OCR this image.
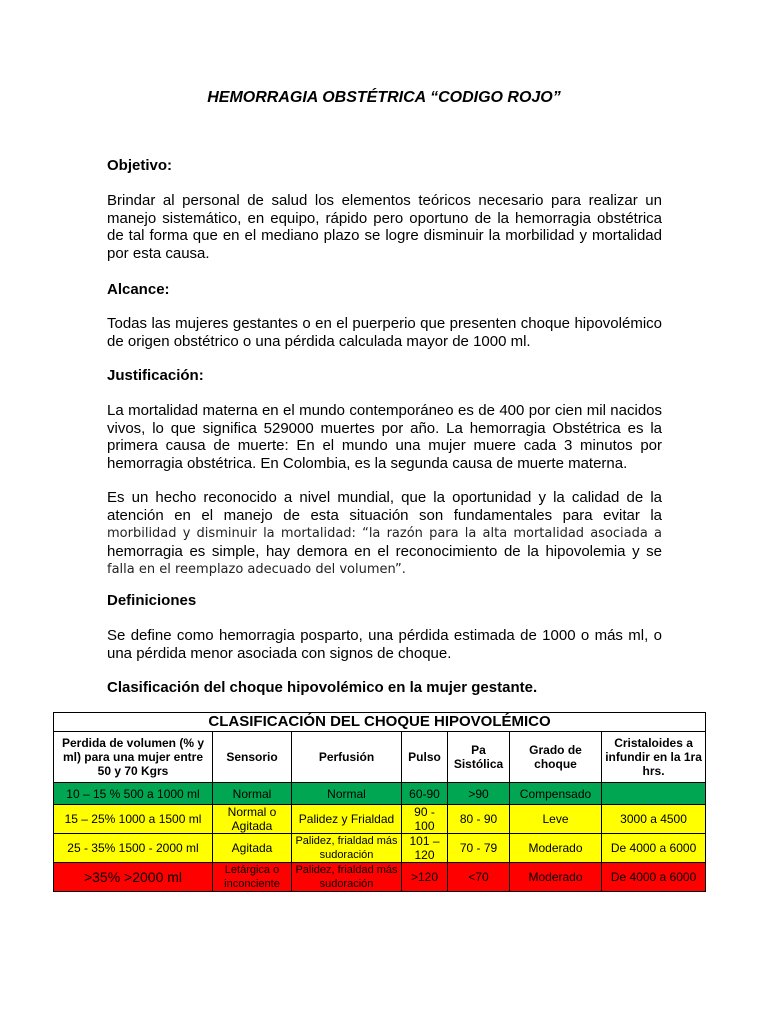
HEMORRAGIA OBSTÉTRICA “CODIGO ROJO”
Objetivo:
Brindar al personal de salud los elementos teóricos necesario para realizar un manejo sistemático, en equipo, rápido pero oportuno de la hemorragia obstétrica de tal forma que en el mediano plazo se logre disminuir la morbilidad y mortalidad por esta causa.
Alcance:
Todas las mujeres gestantes o en el puerperio que presenten choque hipovolémico de origen obstétrico o una pérdida calculada mayor de 1000 ml.
Justificación:
La mortalidad materna en el mundo contemporáneo es de 400 por cien mil nacidos vivos, lo que significa 529000 muertes por año. La hemorragia Obstétrica es la primera causa de muerte: En el mundo una mujer muere cada 3 minutos por hemorragia obstétrica. En Colombia, es la segunda causa de muerte materna.
Es un hecho reconocido a nivel mundial, que la oportunidad y la calidad de la atención en el manejo de esta situación son fundamentales para evitar la morbilidad y disminuir la mortalidad: “la razón para la alta mortalidad asociada a hemorragia es simple, hay demora en el reconocimiento de la hipovolemia y se falla en el reemplazo adecuado del volumen”.
Definiciones
Se define como hemorragia posparto, una pérdida estimada de 1000 o más ml, o una pérdida menor asociada con signos de choque.
Clasificación del choque hipovolémico en la mujer gestante.
CLASIFICACIÓN DEL CHOQUE HIPOVOLÉMICO						
Perdida de volumen (% y ml) para una mujer entre 50 y 70 Kgrs	Sensorio	Perfusión	Pulso	Pa Sistólica	Grado de choque	Cristaloides a infundir en la 1ra hrs.
10 – 15 % 500 a 1000 ml	Normal	Normal	60-90	>90	Compensado	
15 – 25% 1000 a 1500 ml	Normal o Agitada	Palidez y Frialdad	90 - 100	80 - 90	Leve	3000 a 4500
25 - 35% 1500 - 2000 ml	Agitada	Palidez, frialdad más sudoración	101 – 120	70 - 79	Moderado	De 4000 a 6000
>35% >2000 ml	Letárgica o inconciente	Palidez, frialdad más sudoración	>120	<70	Moderado	De 4000 a 6000
